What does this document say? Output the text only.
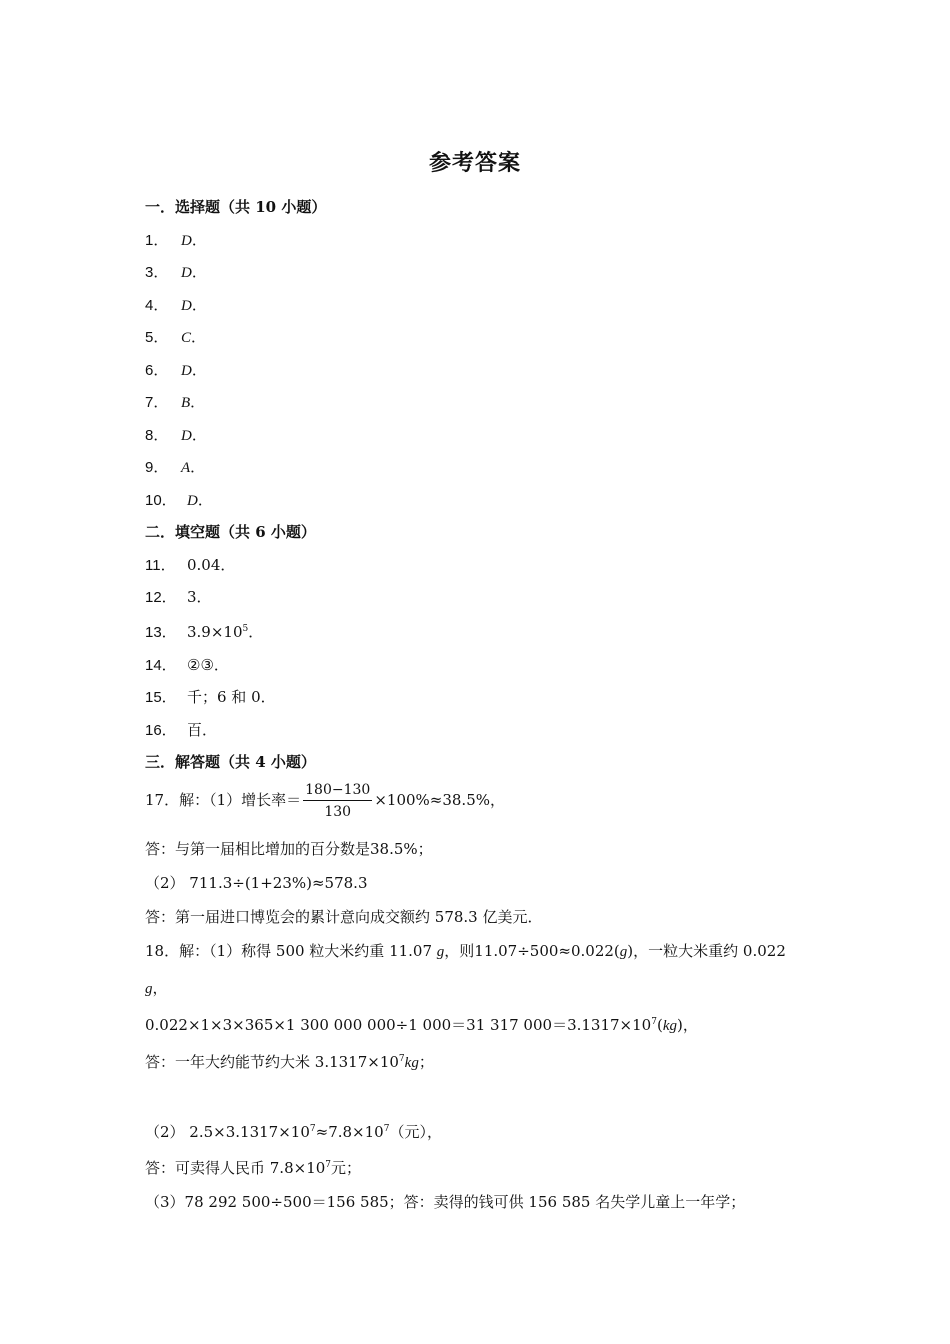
参考答案
一．选择题（共 10 小题）
1． D．
3． D．
4． D．
5． C．
6． D．
7． B．
8． D．
9． A．
10． D．
二．填空题（共 6 小题）
11． 0.04．
12． 3．
13． $3.9\times 10^5$．
14． ②③．
15． 千；6 和 0．
16． 百．
三．解答题（共 4 小题）
17．解：（1）增长率＝ $\frac{180-130}{130} \times 100\%\approx 38.5\%$，
答：与第一届相比增加的百分数是38.5%；
（2） 711.3÷(1+23%)≈578.3
答：第一届进口博览会的累计意向成交额约 578.3 亿美元．
18．解：（1）称得 500 粒大米约重 11.07 g，则11.07÷500≈0.022(g)，一粒大米重约 0.022
g，
0.022×1×3×365×1 300 000 000÷1 000＝31 317 $000=3.1317\times 10^7(kg)$，
答：一年大约能节约大米 $3.1317\times 10^7kg$；
（2） $2.5\times 3.1317\times 10^7\approx 7.8\times 10^7$（元），
答：可卖得人民币 $7.8\times 10^7$元；
（3）78 292 500÷500＝156 585；答：卖得的钱可供 156 585 名失学儿童上一年学；
